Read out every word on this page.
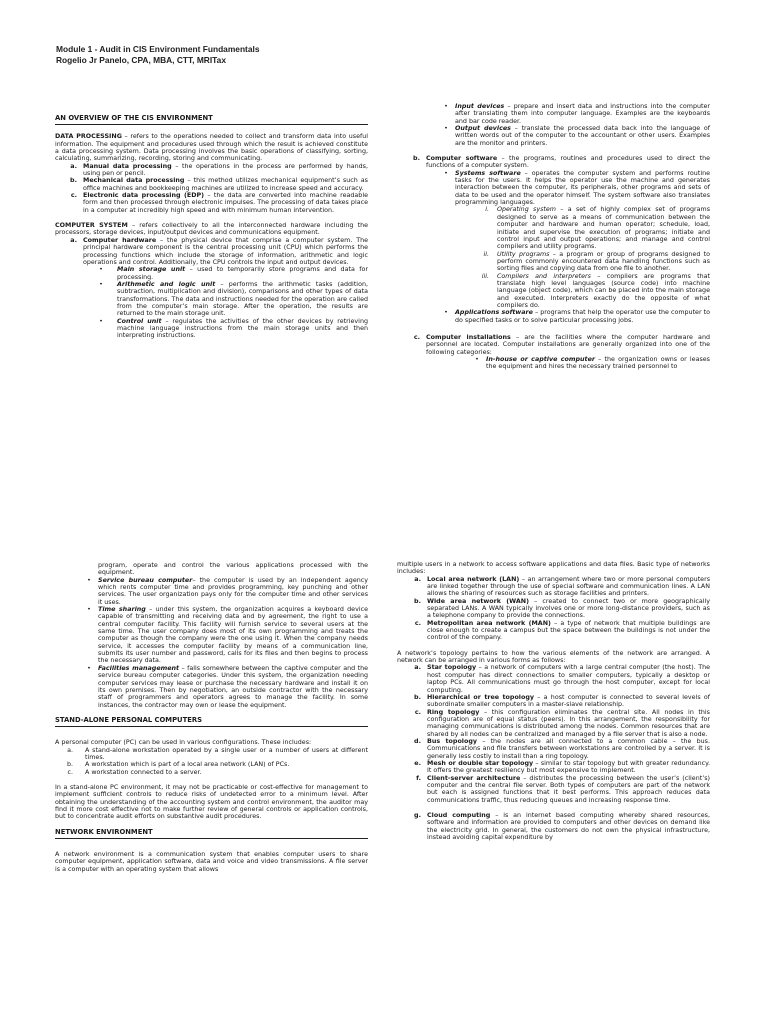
Module 1 - Audit in CIS Environment Fundamentals
Rogelio Jr Panelo, CPA, MBA, CTT, MRITax
AN OVERVIEW OF THE CIS ENVIRONMENT

DATA PROCESSING – refers to the operations needed to collect and transform data into useful information. The equipment and procedures used through which the result is achieved constitute a data processing system. Data processing involves the basic operations of classifying, sorting, calculating, summarizing, recording, storing and communicating.

a. Manual data processing – the operations in the process are performed by hands, using pen or pencil.
b. Mechanical data processing – this method utilizes mechanical equipment’s such as office machines and bookkeeping machines are utilized to increase speed and accuracy.
c. Electronic data processing (EDP) – the data are converted into machine readable form and then processed through electronic impulses. The processing of data takes place in a computer at incredibly high speed and with minimum human intervention.

COMPUTER SYSTEM – refers collectively to all the interconnected hardware including the processors, storage devices, input/output devices and communications equipment.

a. Computer hardware – the physical device that comprise a computer system. The principal hardware component is the central processing unit (CPU) which performs the processing functions which include the storage of information, arithmetic and logic operations and control. Additionally, the CPU controls the input and output devices.
•	Main storage unit – used to temporarily store programs and data for processing.
•	Arithmetic and logic unit – performs the arithmetic tasks (addition, subtraction, multiplication and division), comparisons and other types of data transformations. The data and instructions needed for the operation are called from the computer’s main storage. After the operation, the results are returned to the main storage unit.
•	Control unit – regulates the activities of the other devices by retrieving machine language instructions from the main storage units and then interpreting instructions.
•	Input devices – prepare and insert data and instructions into the computer after translating them into computer language. Examples are the keyboards and bar code reader.
•	Output devices – translate the processed data back into the language of written words out of the computer to the accountant or other users. Examples are the monitor and printers.
b. Computer software – the programs, routines and procedures used to direct the functions of a computer system.
•	Systems software – operates the computer system and performs routine tasks for the users. It helps the operator use the machine and generates interaction between the computer, its peripherals, other programs and sets of data to be used and the operator himself. The system software also translates programming languages.
i. Operating system – a set of highly complex set of programs designed to serve as a means of communication between the computer and hardware and human operator; schedule, load, initiate and supervise the execution of programs; initiate and control input and output operations; and manage and control compilers and utility programs.
ii. Utility programs – a program or group of programs designed to perform commonly encountered data handling functions such as sorting files and copying data from one file to another.
iii. Compilers and interpreters – compilers are programs that translate high level languages (source code) into machine language (object code), which can be placed into the main storage and executed. Interpreters exactly do the opposite of what compilers do.
•	Applications software – programs that help the operator use the computer to do specified tasks or to solve particular processing jobs.
c. Computer installations – are the facilities where the computer hardware and personnel are located. Computer installations are generally organized into one of the following categories:
•	In-house or captive computer – the organization owns or leases the equipment and hires the necessary trained personnel to

program, operate and control the various applications processed with the equipment.

•	Service bureau computer– the computer is used by an independent agency which rents computer time and provides programming, key punching and other services. The user organization pays only for the computer time and other services it uses.
•	Time sharing – under this system, the organization acquires a keyboard device capable of transmitting and receiving data and by agreement, the right to use a central computer facility. This facility will furnish service to several users at the same time. The user company does most of its own programming and treats the computer as though the company were the one using it. When the company needs service, it accesses the computer facility by means of a communication line, submits its user number and password, calls for its files and then begins to process the necessary data.
•	Facilities management – falls somewhere between the captive computer and the service bureau computer categories. Under this system, the organization needing computer services may lease or purchase the necessary hardware and install it on its own premises. Then by negotiation, an outside contractor with the necessary staff of programmers and operators agrees to manage the facility. In some instances, the contractor may own or lease the equipment.
STAND-ALONE PERSONAL COMPUTERS

A personal computer (PC) can be used in various configurations. These includes:

a. A stand-alone workstation operated by a single user or a number of users at different times.
b. A workstation which is part of a local area network (LAN) of PCs.
c. A workstation connected to a server.

In a stand-alone PC environment, it may not be practicable or cost-effective for management to implement sufficient controls to reduce risks of undetected error to a minimum level. After obtaining the understanding of the accounting system and control environment, the auditor may find it more cost effective not to make further review of general controls or application controls, but to concentrate audit efforts on substantive audit procedures.

NETWORK ENVIRONMENT

A network environment is a communication system that enables computer users to share computer equipment, application software, data and voice and video transmissions. A file server is a computer with an operating system that allows

multiple users in a network to access software applications and data files. Basic type of networks includes:

a. Local area network (LAN) – an arrangement where two or more personal computers are linked together through the use of special software and communication lines. A LAN allows the sharing of resources such as storage facilities and printers.
b. Wide area network (WAN) – created to connect two or more geographically separated LANs. A WAN typically involves one or more long-distance providers, such as a telephone company to provide the connections.
c. Metropolitan area network (MAN) – a type of network that multiple buildings are close enough to create a campus but the space between the buildings is not under the control of the company.

A network’s topology pertains to how the various elements of the network are arranged. A network can be arranged in various forms as follows:

a. Star topology – a network of computers with a large central computer (the host). The host computer has direct connections to smaller computers, typically a desktop or laptop PCs. All communications must go through the host computer, except for local computing.
b. Hierarchical or tree topology – a host computer is connected to several levels of subordinate smaller computers in a master-slave relationship.
c. Ring topology – this configuration eliminates the central site. All nodes in this configuration are of equal status (peers). In this arrangement, the responsibility for managing communications is distributed among the nodes. Common resources that are shared by all nodes can be centralized and managed by a file server that is also a node.
d. Bus topology – the nodes are all connected to a common cable – the bus. Communications and file transfers between workstations are controlled by a server. It is generally less costly to install than a ring topology.
e. Mesh or double star topology – similar to star topology but with greater redundancy. It offers the greatest resiliency but most expensive to implement.
f. Client-server architecture – distributes the processing between the user’s (client’s) computer and the central file server. Both types of computers are part of the network but each is assigned functions that it best performs. This approach reduces data communications traffic, thus reducing queues and increasing response time.
g. Cloud computing – is an internet based computing whereby shared resources, software and information are provided to computers and other devices on demand like the electricity grid. In general, the customers do not own the physical infrastructure, instead avoiding capital expenditure by
